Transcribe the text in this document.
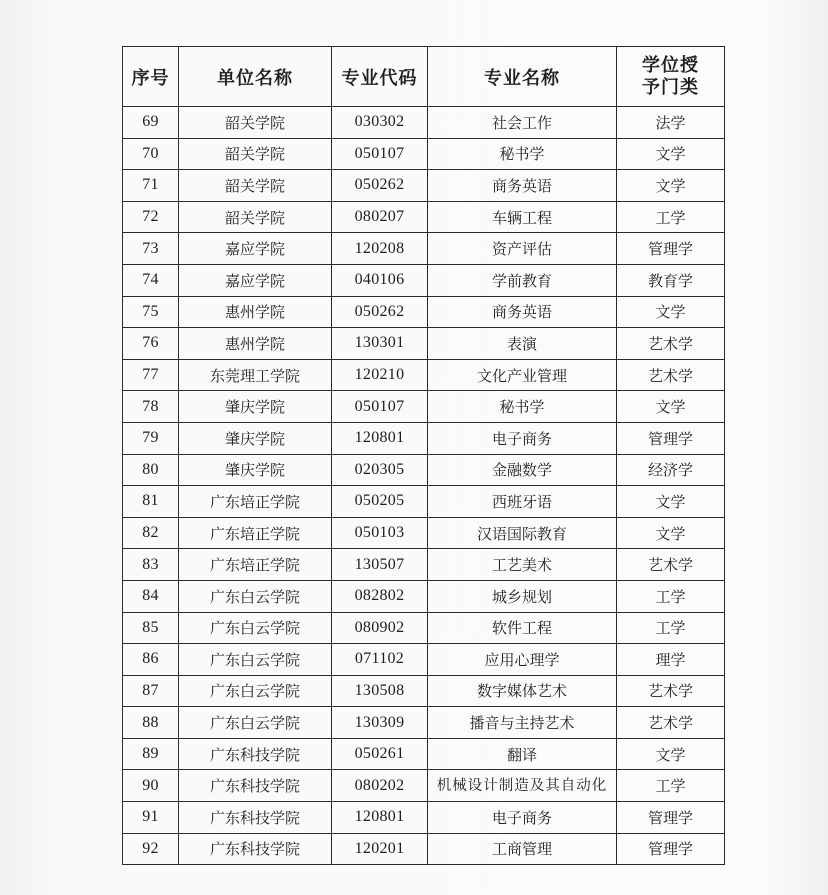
序号	单位名称	专业代码	专业名称	学位授予门类
69	韶关学院	030302	社会工作	法学
70	韶关学院	050107	秘书学	文学
71	韶关学院	050262	商务英语	文学
72	韶关学院	080207	车辆工程	工学
73	嘉应学院	120208	资产评估	管理学
74	嘉应学院	040106	学前教育	教育学
75	惠州学院	050262	商务英语	文学
76	惠州学院	130301	表演	艺术学
77	东莞理工学院	120210	文化产业管理	艺术学
78	肇庆学院	050107	秘书学	文学
79	肇庆学院	120801	电子商务	管理学
80	肇庆学院	020305	金融数学	经济学
81	广东培正学院	050205	西班牙语	文学
82	广东培正学院	050103	汉语国际教育	文学
83	广东培正学院	130507	工艺美术	艺术学
84	广东白云学院	082802	城乡规划	工学
85	广东白云学院	080902	软件工程	工学
86	广东白云学院	071102	应用心理学	理学
87	广东白云学院	130508	数字媒体艺术	艺术学
88	广东白云学院	130309	播音与主持艺术	艺术学
89	广东科技学院	050261	翻译	文学
90	广东科技学院	080202	机械设计制造及其自动化	工学
91	广东科技学院	120801	电子商务	管理学
92	广东科技学院	120201	工商管理	管理学
